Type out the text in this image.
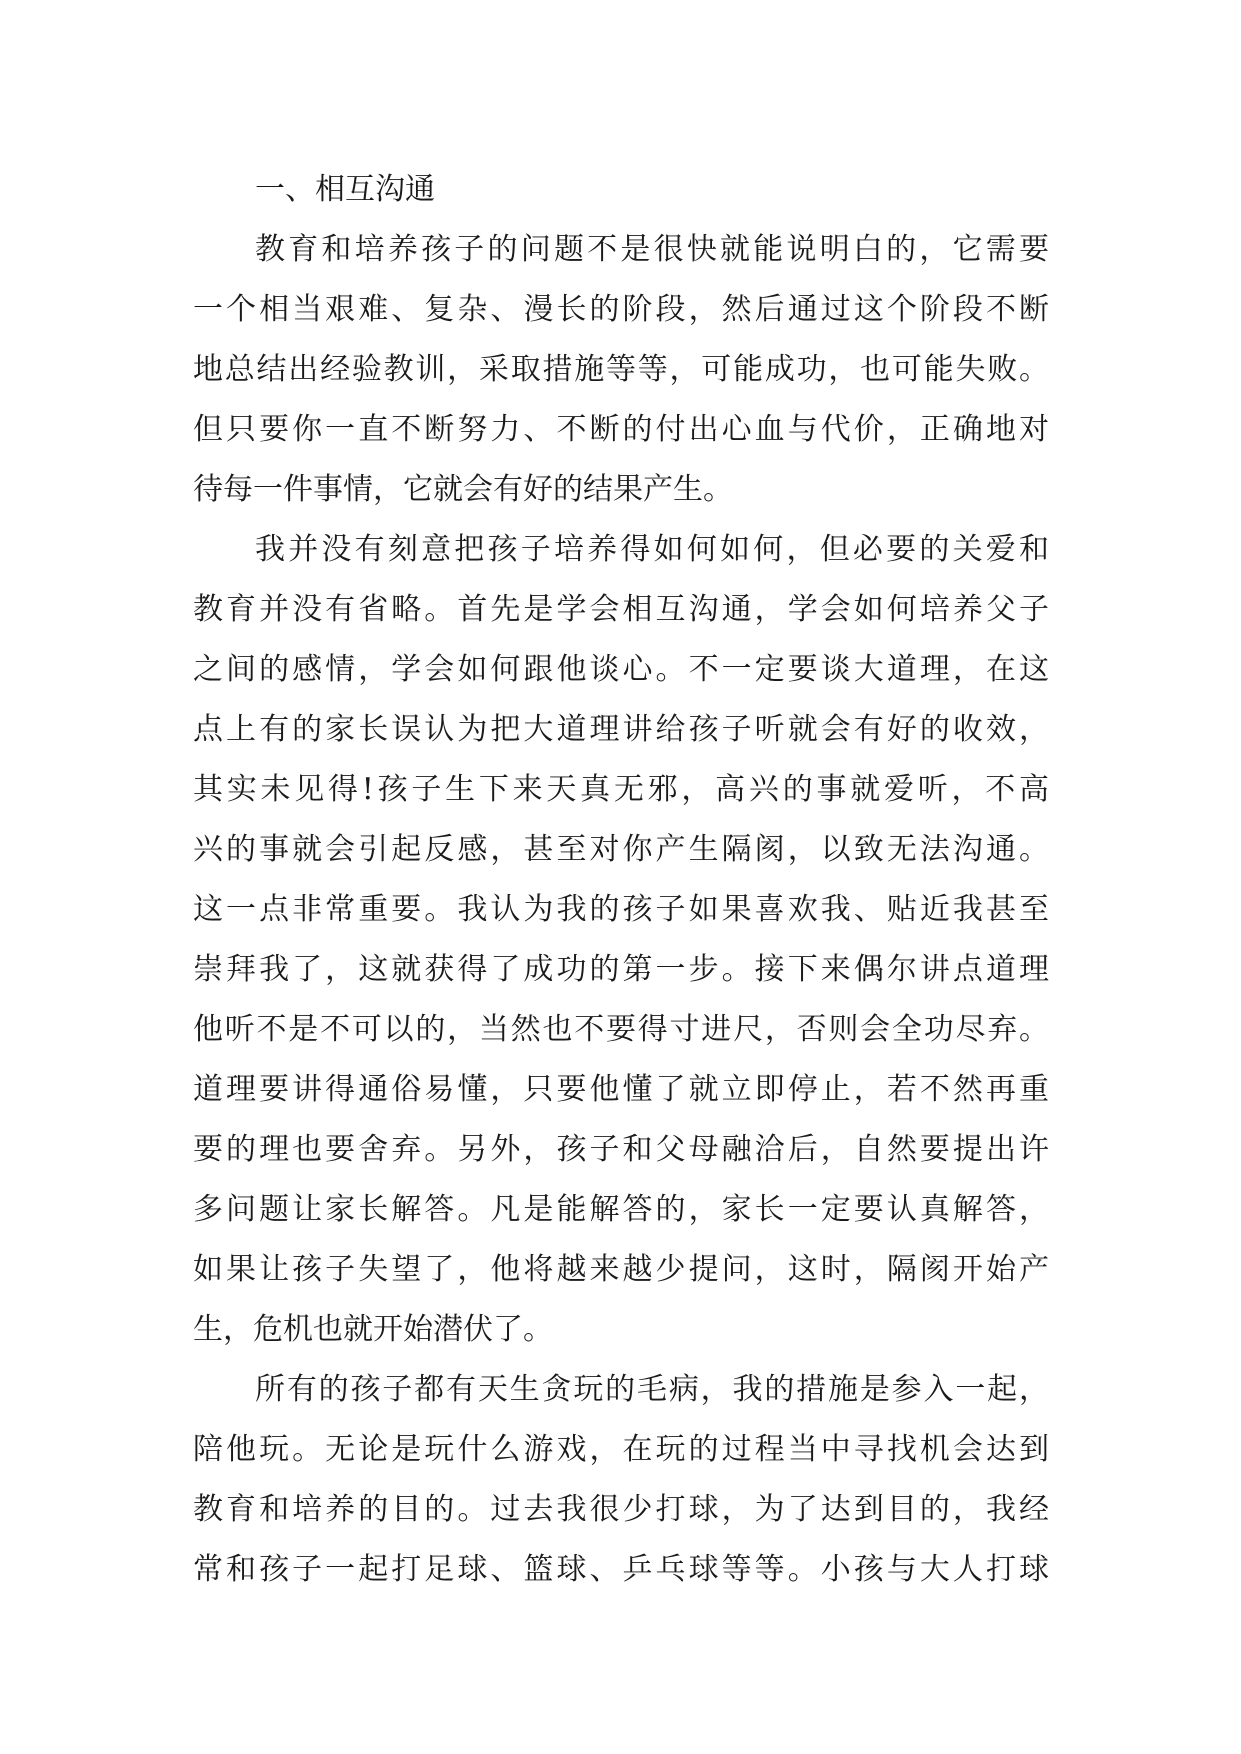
一、相互沟通
教育和培养孩子的问题不是很快就能说明白的，它需要
一个相当艰难、复杂、漫长的阶段，然后通过这个阶段不断
地总结出经验教训，采取措施等等，可能成功，也可能失败。
但只要你一直不断努力、不断的付出心血与代价，正确地对
待每一件事情，它就会有好的结果产生。
我并没有刻意把孩子培养得如何如何，但必要的关爱和
教育并没有省略。首先是学会相互沟通，学会如何培养父子
之间的感情，学会如何跟他谈心。不一定要谈大道理，在这
点上有的家长误认为把大道理讲给孩子听就会有好的收效，
其实未见得!孩子生下来天真无邪，高兴的事就爱听，不高
兴的事就会引起反感，甚至对你产生隔阂，以致无法沟通。
这一点非常重要。我认为我的孩子如果喜欢我、贴近我甚至
崇拜我了，这就获得了成功的第一步。接下来偶尔讲点道理
他听不是不可以的，当然也不要得寸进尺，否则会全功尽弃。
道理要讲得通俗易懂，只要他懂了就立即停止，若不然再重
要的理也要舍弃。另外，孩子和父母融洽后，自然要提出许
多问题让家长解答。凡是能解答的，家长一定要认真解答，
如果让孩子失望了，他将越来越少提问，这时，隔阂开始产
生，危机也就开始潜伏了。
所有的孩子都有天生贪玩的毛病，我的措施是参入一起，
陪他玩。无论是玩什么游戏，在玩的过程当中寻找机会达到
教育和培养的目的。过去我很少打球，为了达到目的，我经
常和孩子一起打足球、篮球、乒乓球等等。小孩与大人打球
